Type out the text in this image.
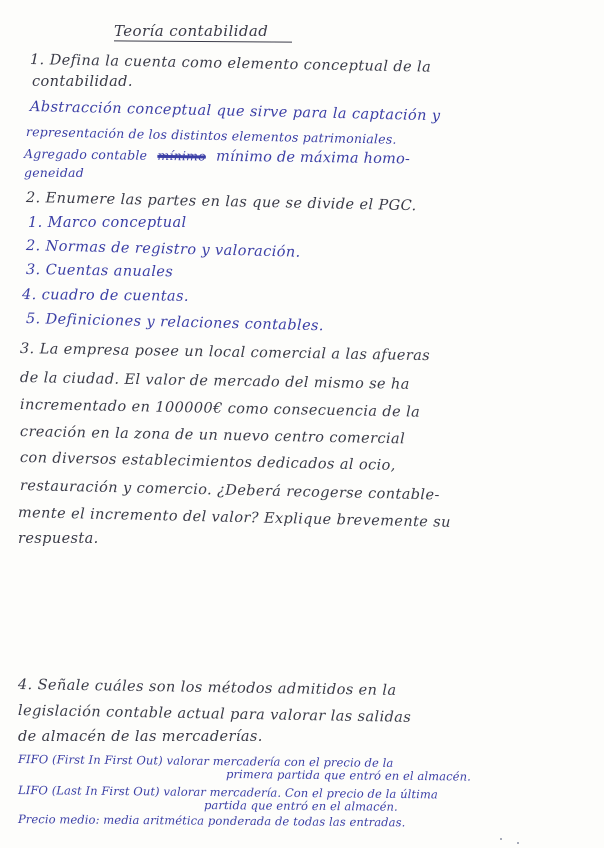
Teoría contabilidad
1. Defina la cuenta como elemento conceptual de la
contabilidad.
Abstracción conceptual que sirve para la captación y
representación de los distintos elementos patrimoniales.
Agregado contable mínimo mínimo de máxima homo-
geneidad
2. Enumere las partes en las que se divide el PGC.
1. Marco conceptual
2. Normas de registro y valoración.
3. Cuentas anuales
4. cuadro de cuentas.
5. Definiciones y relaciones contables.
3. La empresa posee un local comercial a las afueras
de la ciudad. El valor de mercado del mismo se ha
incrementado en 100000€ como consecuencia de la
creación en la zona de un nuevo centro comercial
con diversos establecimientos dedicados al ocio,
restauración y comercio. ¿Deberá recogerse contable-
mente el incremento del valor? Explique brevemente su
respuesta.
4. Señale cuáles son los métodos admitidos en la
legislación contable actual para valorar las salidas
de almacén de las mercaderías.
FIFO (First In First Out) valorar mercadería con el precio de la
primera partida que entró en el almacén.
LIFO (Last In First Out) valorar mercadería. Con el precio de la última
partida que entró en el almacén.
Precio medio: media aritmética ponderada de todas las entradas.
